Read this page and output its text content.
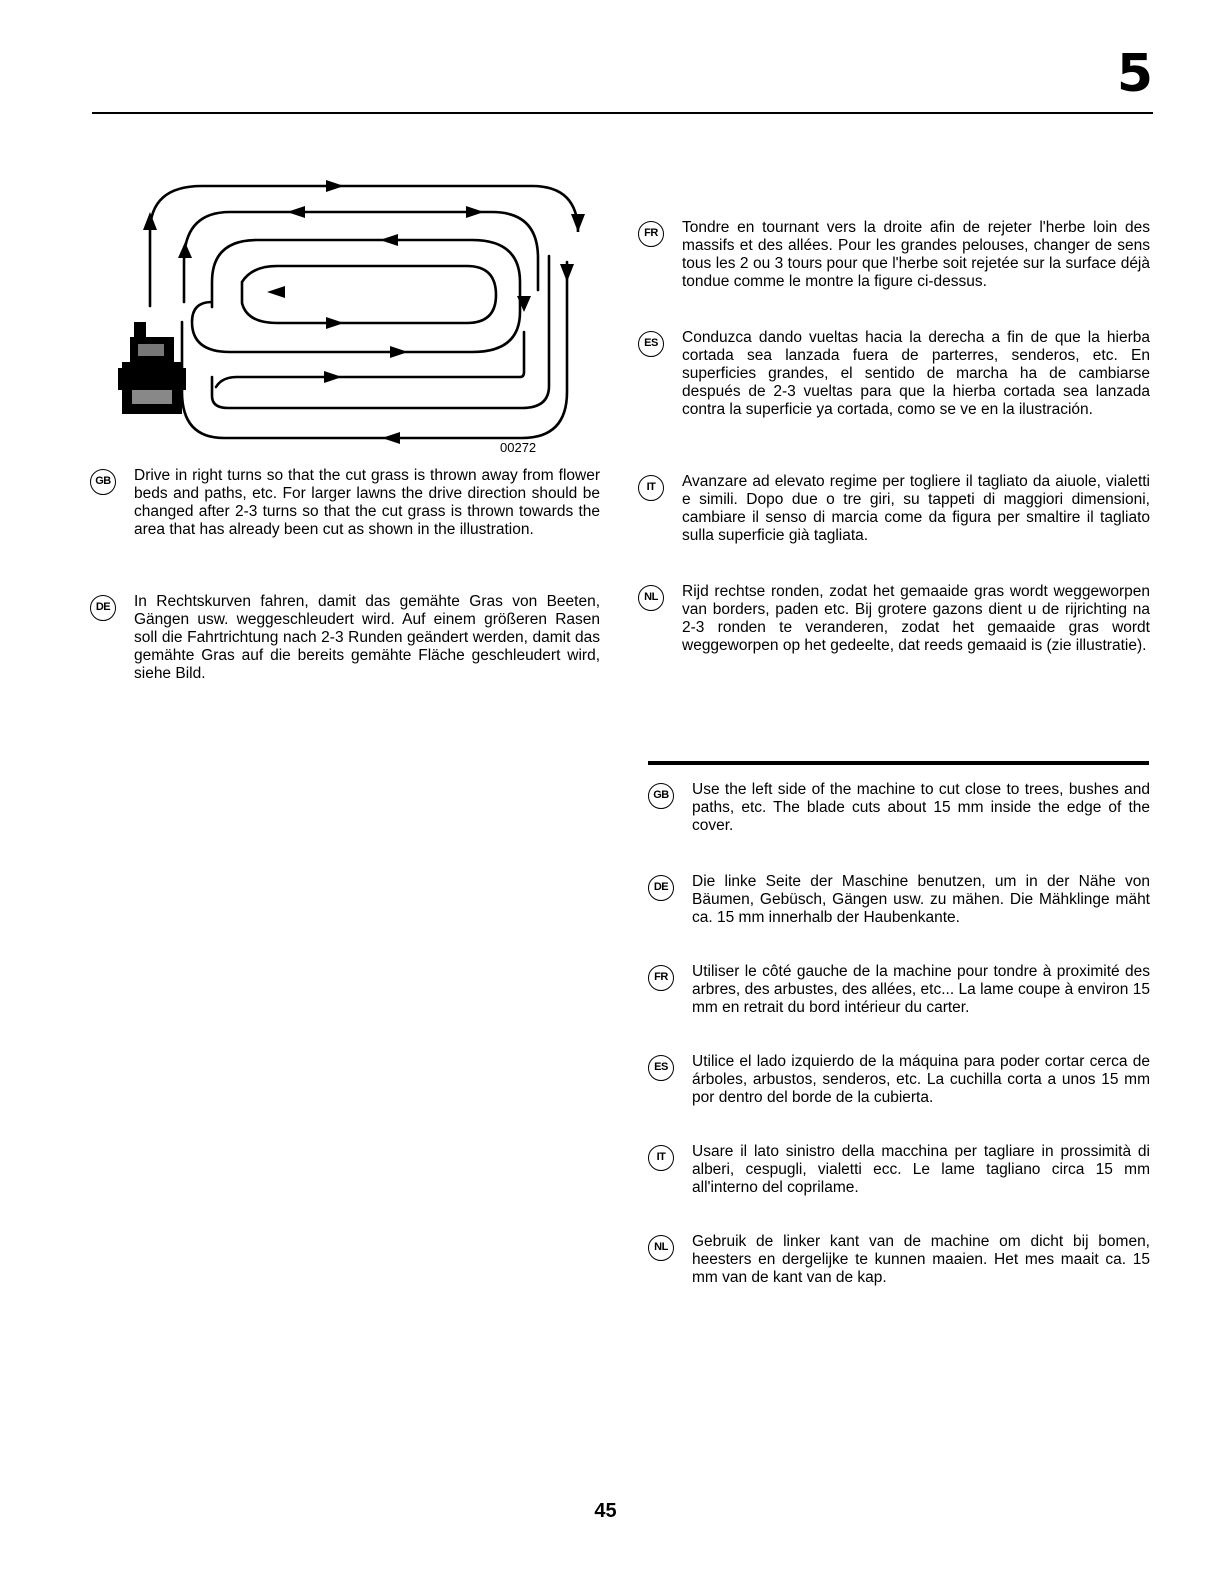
5
00272
GB	Drive in right turns so that the cut grass is thrown away from flower beds and paths, etc. For larger lawns the drive direction should be changed after 2-3 turns so that the cut grass is thrown towards the area that has already been cut as shown in the illustration.
DE	In Rechtskurven fahren, damit das gemähte Gras von Beeten, Gängen usw. weggeschleudert wird. Auf einem größeren Rasen soll die Fahrtrichtung nach 2-3 Runden geändert werden, damit das gemähte Gras auf die bereits gemähte Fläche geschleudert wird, siehe Bild.
FR	Tondre en tournant vers la droite afin de rejeter l'herbe loin des massifs et des allées. Pour les grandes pelouses, changer de sens tous les 2 ou 3 tours pour que l'herbe soit rejetée sur la surface déjà tondue comme le montre la figure ci-dessus.
ES	Conduzca dando vueltas hacia la derecha a fin de que la hierba cortada sea lanzada fuera de parterres, senderos, etc. En superficies grandes, el sentido de marcha ha de cambiarse después de 2-3 vueltas para que la hierba cortada sea lanzada contra la superficie ya cortada, como se ve en la ilustración.
IT	Avanzare ad elevato regime per togliere il tagliato da aiuole, vialetti e simili. Dopo due o tre giri, su tappeti di maggiori dimensioni, cambiare il senso di marcia come da figura per smaltire il tagliato sulla superficie già tagliata.
NL	Rijd rechtse ronden, zodat het gemaaide gras wordt weggeworpen van borders, paden etc. Bij grotere gazons dient u de rijrichting na 2-3 ronden te veranderen, zodat het gemaaide gras wordt weggeworpen op het gedeelte, dat reeds gemaaid is (zie illustratie).
GB	Use the left side of the machine to cut close to trees, bushes and paths, etc. The blade cuts about 15 mm inside the edge of the cover.
DE	Die linke Seite der Maschine benutzen, um in der Nähe von Bäumen, Gebüsch, Gängen usw. zu mähen. Die Mähklinge mäht ca. 15 mm innerhalb der Haubenkante.
FR	Utiliser le côté gauche de la machine pour tondre à proximité des arbres, des arbustes, des allées, etc... La lame coupe à environ 15 mm en retrait du bord intérieur du carter.
ES	Utilice el lado izquierdo de la máquina para poder cortar cerca de árboles, arbustos, senderos, etc. La cuchilla corta a unos 15 mm por dentro del borde de la cubierta.
IT	Usare il lato sinistro della macchina per tagliare in prossimità di alberi, cespugli, vialetti ecc. Le lame tagliano circa 15 mm all'interno del coprilame.
NL	Gebruik de linker kant van de machine om dicht bij bomen, heesters en dergelijke te kunnen maaien. Het mes maait ca. 15 mm van de kant van de kap.
45
